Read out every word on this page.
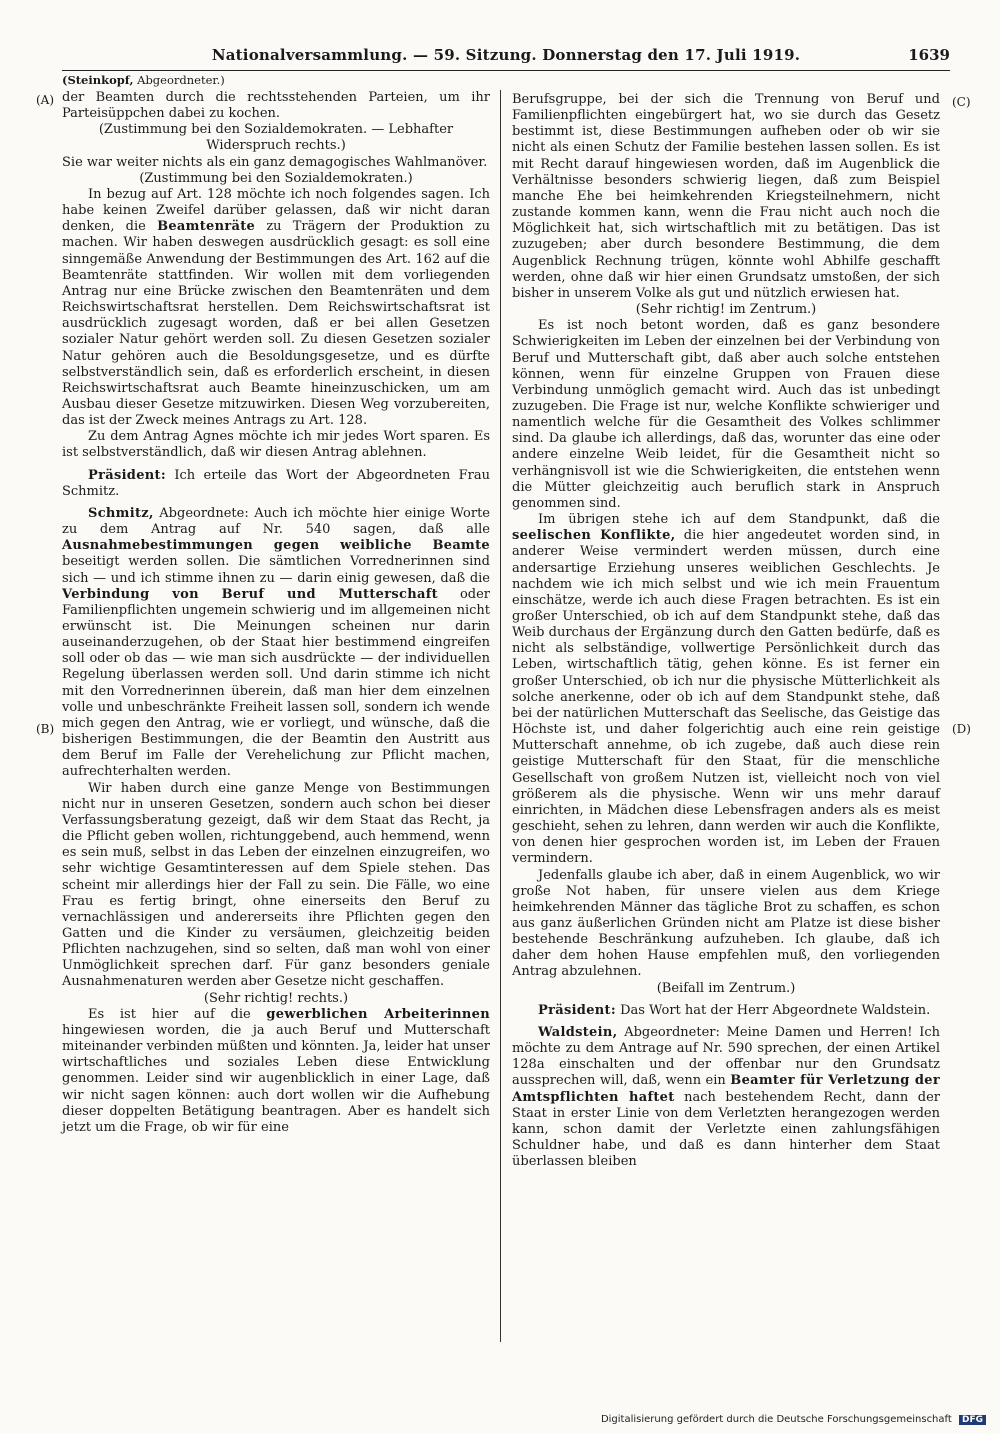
Nationalversammlung. — 59. Sitzung. Donnerstag den 17. Juli 1919.	1639
(Steinkopf, Abgeordneter.)
(A)
(B)
(C)
(D)

der Beamten durch die rechtsstehenden Parteien, um ihr Parteisüppchen dabei zu kochen.

(Zustimmung bei den Sozialdemokraten. — Lebhafter Widerspruch rechts.)

Sie war weiter nichts als ein ganz demagogisches Wahlmanöver.

(Zustimmung bei den Sozialdemokraten.)

In bezug auf Art. 128 möchte ich noch folgendes sagen. Ich habe keinen Zweifel darüber gelassen, daß wir nicht daran denken, die Beamtenräte zu Trägern der Produktion zu machen. Wir haben deswegen ausdrücklich gesagt: es soll eine sinngemäße Anwendung der Bestimmungen des Art. 162 auf die Beamtenräte stattfinden. Wir wollen mit dem vorliegenden Antrag nur eine Brücke zwischen den Beamtenräten und dem Reichswirtschaftsrat herstellen. Dem Reichswirtschaftsrat ist ausdrücklich zugesagt worden, daß er bei allen Gesetzen sozialer Natur gehört werden soll. Zu diesen Gesetzen sozialer Natur gehören auch die Besoldungsgesetze, und es dürfte selbstverständlich sein, daß es erforderlich erscheint, in diesen Reichswirtschaftsrat auch Beamte hineinzuschicken, um am Ausbau dieser Gesetze mitzuwirken. Diesen Weg vorzubereiten, das ist der Zweck meines Antrags zu Art. 128.

Zu dem Antrag Agnes möchte ich mir jedes Wort sparen. Es ist selbstverständlich, daß wir diesen Antrag ablehnen.

Präsident: Ich erteile das Wort der Abgeordneten Frau Schmitz.

Schmitz, Abgeordnete: Auch ich möchte hier einige Worte zu dem Antrag auf Nr. 540 sagen, daß alle Ausnahmebestimmungen gegen weibliche Beamte beseitigt werden sollen. Die sämtlichen Vorrednerinnen sind sich — und ich stimme ihnen zu — darin einig gewesen, daß die Verbindung von Beruf und Mutterschaft oder Familienpflichten ungemein schwierig und im allgemeinen nicht erwünscht ist. Die Meinungen scheinen nur darin auseinanderzugehen, ob der Staat hier bestimmend eingreifen soll oder ob das — wie man sich ausdrückte — der individuellen Regelung überlassen werden soll. Und darin stimme ich nicht mit den Vorrednerinnen überein, daß man hier dem einzelnen volle und unbeschränkte Freiheit lassen soll, sondern ich wende mich gegen den Antrag, wie er vorliegt, und wünsche, daß die bisherigen Bestimmungen, die der Beamtin den Austritt aus dem Beruf im Falle der Verehelichung zur Pflicht machen, aufrechterhalten werden.

Wir haben durch eine ganze Menge von Bestimmungen nicht nur in unseren Gesetzen, sondern auch schon bei dieser Verfassungsberatung gezeigt, daß wir dem Staat das Recht, ja die Pflicht geben wollen, richtunggebend, auch hemmend, wenn es sein muß, selbst in das Leben der einzelnen einzugreifen, wo sehr wichtige Gesamtinteressen auf dem Spiele stehen. Das scheint mir allerdings hier der Fall zu sein. Die Fälle, wo eine Frau es fertig bringt, ohne einerseits den Beruf zu vernachlässigen und andererseits ihre Pflichten gegen den Gatten und die Kinder zu versäumen, gleichzeitig beiden Pflichten nachzugehen, sind so selten, daß man wohl von einer Unmöglichkeit sprechen darf. Für ganz besonders geniale Ausnahmenaturen werden aber Gesetze nicht geschaffen.

(Sehr richtig! rechts.)

Es ist hier auf die gewerblichen Arbeiterinnen hingewiesen worden, die ja auch Beruf und Mutterschaft miteinander verbinden müßten und könnten. Ja, leider hat unser wirtschaftliches und soziales Leben diese Entwicklung genommen. Leider sind wir augenblicklich in einer Lage, daß wir nicht sagen können: auch dort wollen wir die Aufhebung dieser doppelten Betätigung beantragen. Aber es handelt sich jetzt um die Frage, ob wir für eine

Berufsgruppe, bei der sich die Trennung von Beruf und Familienpflichten eingebürgert hat, wo sie durch das Gesetz bestimmt ist, diese Bestimmungen aufheben oder ob wir sie nicht als einen Schutz der Familie bestehen lassen sollen. Es ist mit Recht darauf hingewiesen worden, daß im Augenblick die Verhältnisse besonders schwierig liegen, daß zum Beispiel manche Ehe bei heimkehrenden Kriegsteilnehmern, nicht zustande kommen kann, wenn die Frau nicht auch noch die Möglichkeit hat, sich wirtschaftlich mit zu betätigen. Das ist zuzugeben; aber durch besondere Bestimmung, die dem Augenblick Rechnung trügen, könnte wohl Abhilfe geschafft werden, ohne daß wir hier einen Grundsatz umstoßen, der sich bisher in unserem Volke als gut und nützlich erwiesen hat.

(Sehr richtig! im Zentrum.)

Es ist noch betont worden, daß es ganz besondere Schwierigkeiten im Leben der einzelnen bei der Verbindung von Beruf und Mutterschaft gibt, daß aber auch solche entstehen können, wenn für einzelne Gruppen von Frauen diese Verbindung unmöglich gemacht wird. Auch das ist unbedingt zuzugeben. Die Frage ist nur, welche Konflikte schwieriger und namentlich welche für die Gesamtheit des Volkes schlimmer sind. Da glaube ich allerdings, daß das, worunter das eine oder andere einzelne Weib leidet, für die Gesamtheit nicht so verhängnisvoll ist wie die Schwierigkeiten, die entstehen wenn die Mütter gleichzeitig auch beruflich stark in Anspruch genommen sind.

Im übrigen stehe ich auf dem Standpunkt, daß die seelischen Konflikte, die hier angedeutet worden sind, in anderer Weise vermindert werden müssen, durch eine andersartige Erziehung unseres weiblichen Geschlechts. Je nachdem wie ich mich selbst und wie ich mein Frauentum einschätze, werde ich auch diese Fragen betrachten. Es ist ein großer Unterschied, ob ich auf dem Standpunkt stehe, daß das Weib durchaus der Ergänzung durch den Gatten bedürfe, daß es nicht als selbständige, vollwertige Persönlichkeit durch das Leben, wirtschaftlich tätig, gehen könne. Es ist ferner ein großer Unterschied, ob ich nur die physische Mütterlichkeit als solche anerkenne, oder ob ich auf dem Standpunkt stehe, daß bei der natürlichen Mutterschaft das Seelische, das Geistige das Höchste ist, und daher folgerichtig auch eine rein geistige Mutterschaft annehme, ob ich zugebe, daß auch diese rein geistige Mutterschaft für den Staat, für die menschliche Gesellschaft von großem Nutzen ist, vielleicht noch von viel größerem als die physische. Wenn wir uns mehr darauf einrichten, in Mädchen diese Lebensfragen anders als es meist geschieht, sehen zu lehren, dann werden wir auch die Konflikte, von denen hier gesprochen worden ist, im Leben der Frauen vermindern.

Jedenfalls glaube ich aber, daß in einem Augenblick, wo wir große Not haben, für unsere vielen aus dem Kriege heimkehrenden Männer das tägliche Brot zu schaffen, es schon aus ganz äußerlichen Gründen nicht am Platze ist diese bisher bestehende Beschränkung aufzuheben. Ich glaube, daß ich daher dem hohen Hause empfehlen muß, den vorliegenden Antrag abzulehnen.

(Beifall im Zentrum.)

Präsident: Das Wort hat der Herr Abgeordnete Waldstein.

Waldstein, Abgeordneter: Meine Damen und Herren! Ich möchte zu dem Antrage auf Nr. 590 sprechen, der einen Artikel 128a einschalten und der offenbar nur den Grundsatz aussprechen will, daß, wenn ein Beamter für Verletzung der Amtspflichten haftet nach bestehendem Recht, dann der Staat in erster Linie von dem Verletzten herangezogen werden kann, schon damit der Verletzte einen zahlungsfähigen Schuldner habe, und daß es dann hinterher dem Staat überlassen bleiben

Digitalisierung gefördert durch die Deutsche Forschungsgemeinschaft DFG
